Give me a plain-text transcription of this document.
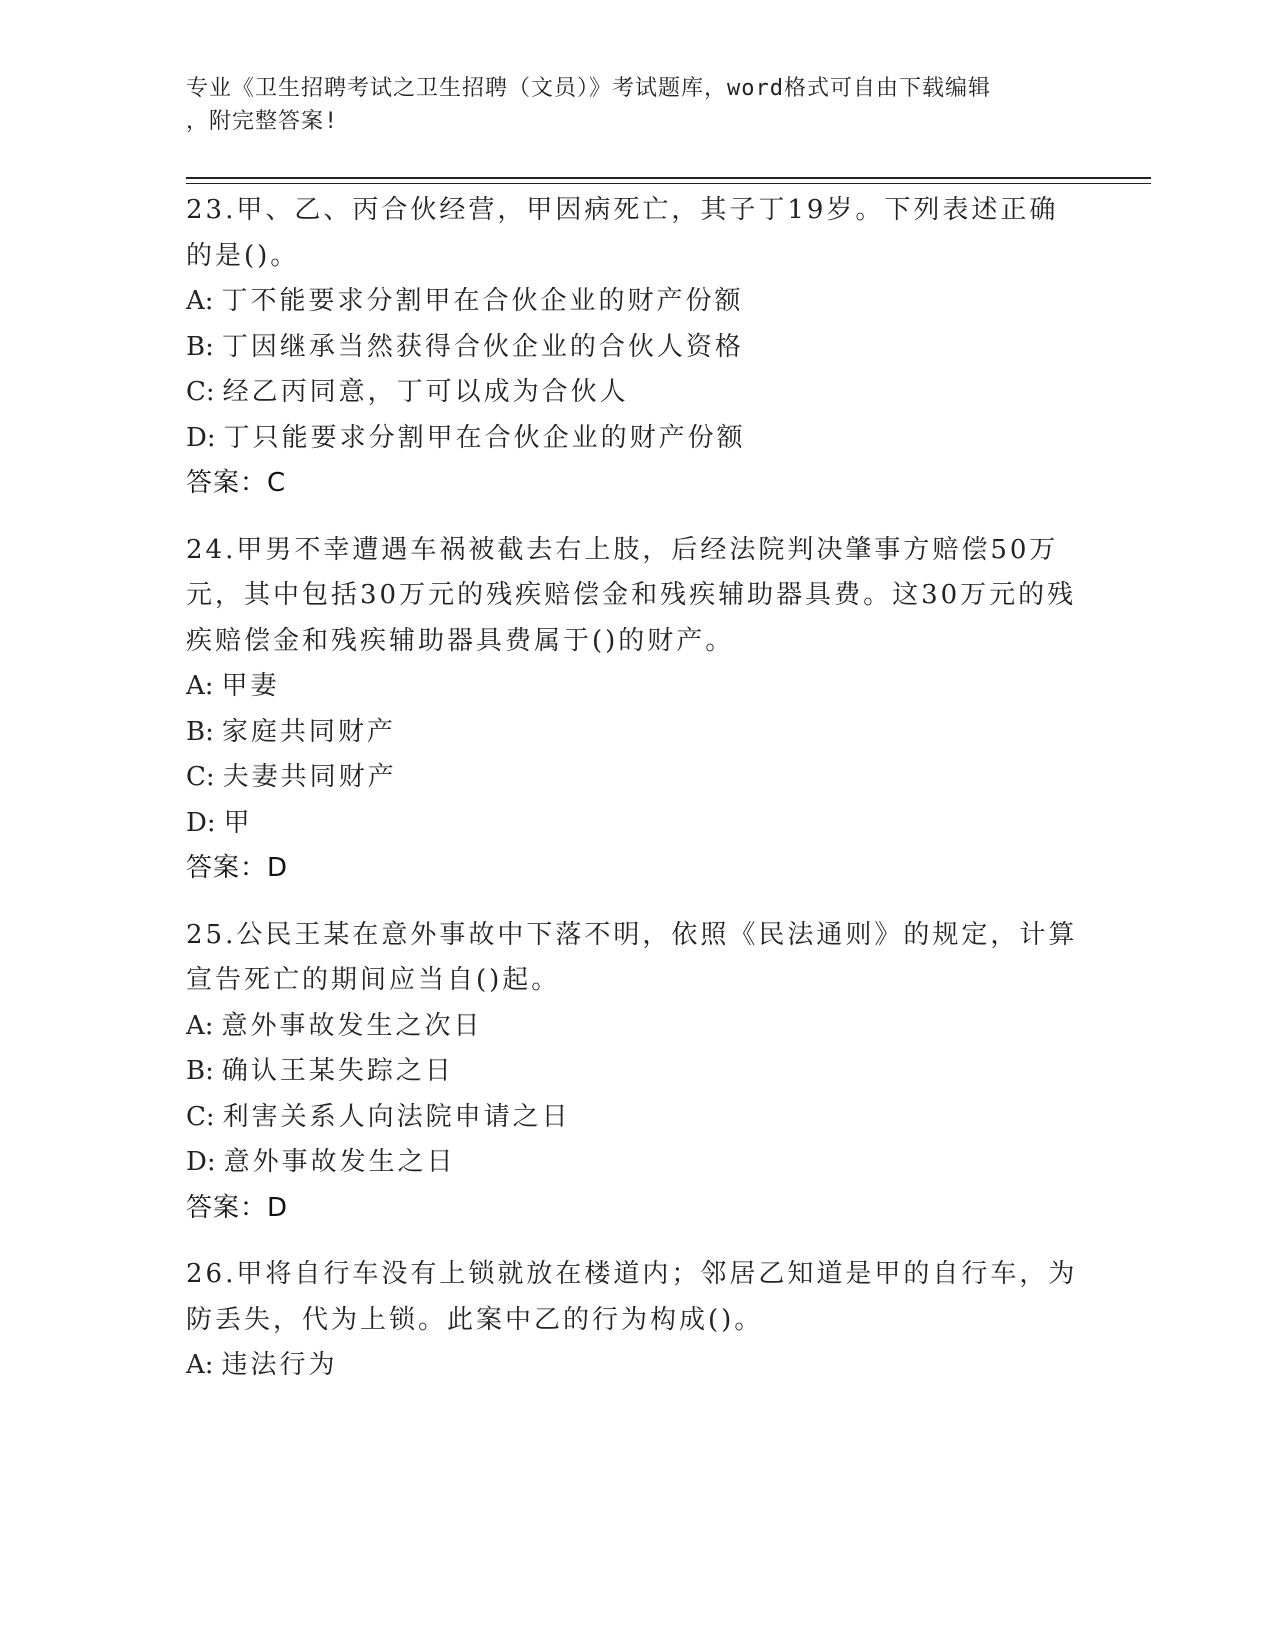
专业《卫生招聘考试之卫生招聘（文员）》考试题库，word格式可自由下载编辑
，附完整答案!
23.甲、乙、丙合伙经营，甲因病死亡，其子丁19岁。下列表述正确的是()。
A: 丁不能要求分割甲在合伙企业的财产份额
B: 丁因继承当然获得合伙企业的合伙人资格
C: 经乙丙同意，丁可以成为合伙人
D: 丁只能要求分割甲在合伙企业的财产份额
答案：C
24.甲男不幸遭遇车祸被截去右上肢，后经法院判决肇事方赔偿50万元，其中包括30万元的残疾赔偿金和残疾辅助器具费。这30万元的残疾赔偿金和残疾辅助器具费属于()的财产。
A: 甲妻
B: 家庭共同财产
C: 夫妻共同财产
D: 甲
答案：D
25.公民王某在意外事故中下落不明，依照《民法通则》的规定，计算宣告死亡的期间应当自()起。
A: 意外事故发生之次日
B: 确认王某失踪之日
C: 利害关系人向法院申请之日
D: 意外事故发生之日
答案：D
26.甲将自行车没有上锁就放在楼道内；邻居乙知道是甲的自行车，为防丢失，代为上锁。此案中乙的行为构成()。
A: 违法行为
